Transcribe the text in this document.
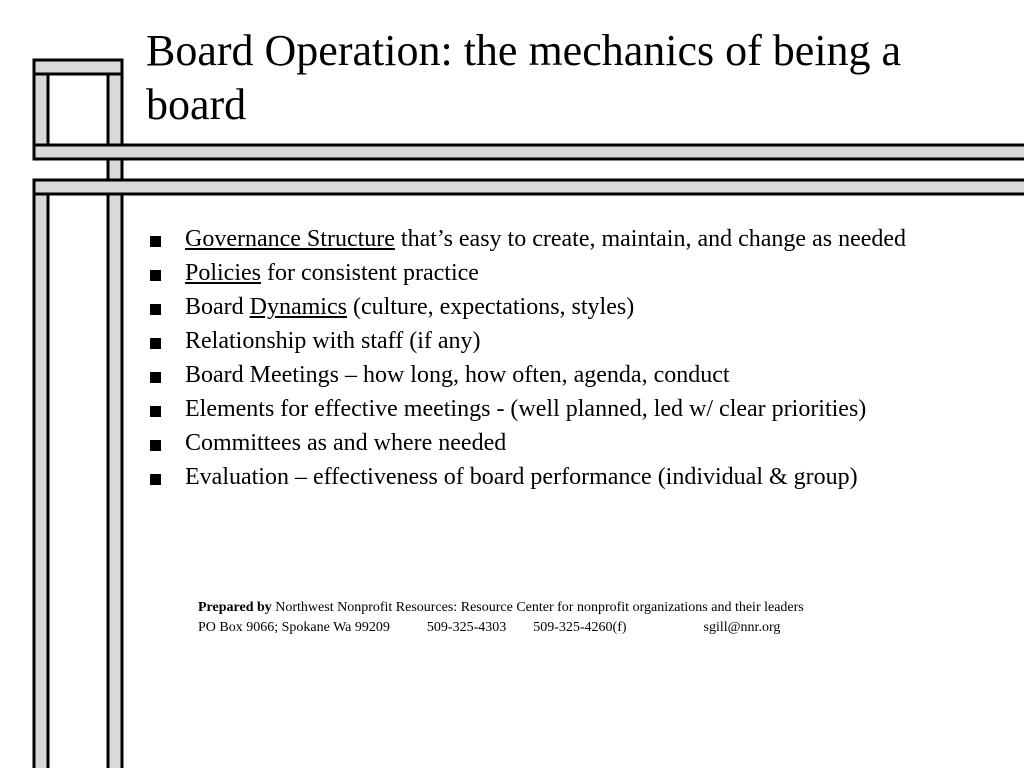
Board Operation: the mechanics of being a board
Governance Structure that’s easy to create, maintain, and change as needed
Policies for consistent practice
Board Dynamics (culture, expectations, styles)
Relationship with staff (if any)
Board Meetings – how long, how often, agenda, conduct
Elements for effective meetings - (well planned, led w/ clear priorities)
Committees as and where needed
Evaluation – effectiveness of board performance (individual & group)
Prepared by Northwest Nonprofit Resources: Resource Center for nonprofit organizations and their leaders
PO Box 9066; Spokane Wa 99209	509-325-4303 509-325-4260(f)	sgill@nnr.org
